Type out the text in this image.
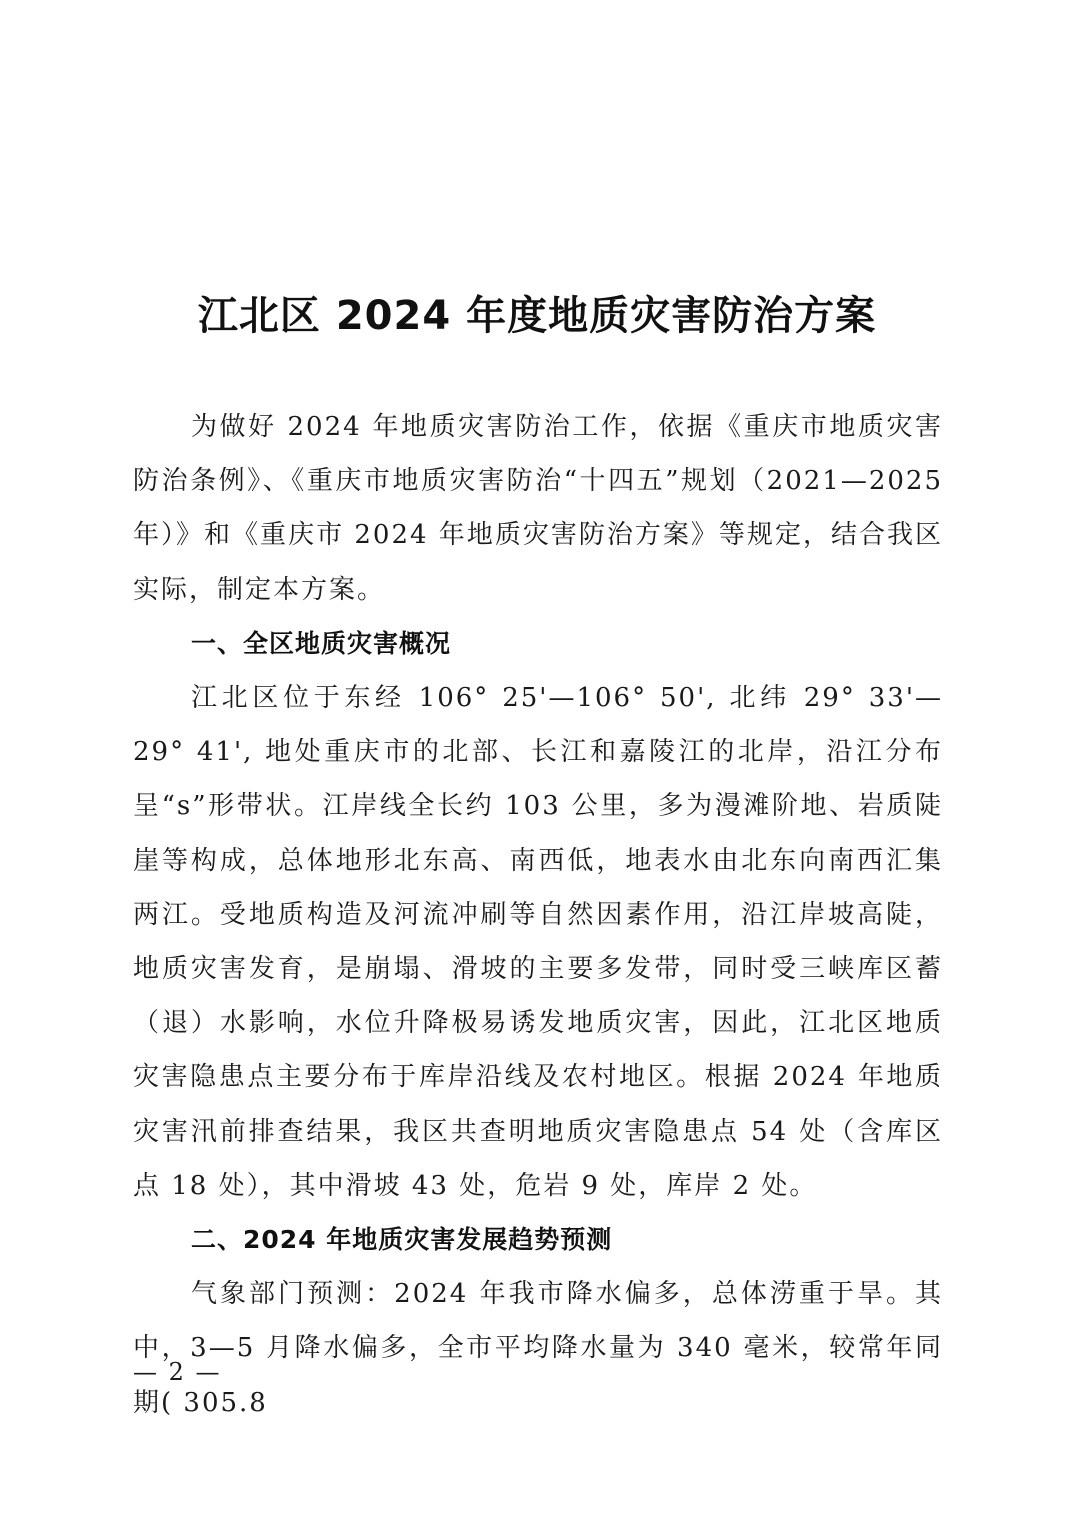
江北区 2024 年度地质灾害防治方案

为做好 2024 年地质灾害防治工作，依据《重庆市地质灾害防治条例》、《重庆市地质灾害防治“十四五”规划（2021—2025 年）》和《重庆市 2024 年地质灾害防治方案》等规定，结合我区实际，制定本方案。

一、全区地质灾害概况

江北区位于东经 106° 25'—106° 50', 北纬 29° 33'—29° 41', 地处重庆市的北部、长江和嘉陵江的北岸，沿江分布呈“s”形带状。江岸线全长约 103 公里，多为漫滩阶地、岩质陡崖等构成，总体地形北东高、南西低，地表水由北东向南西汇集两江。受地质构造及河流冲刷等自然因素作用，沿江岸坡高陡，地质灾害发育，是崩塌、滑坡的主要多发带，同时受三峡库区蓄（退）水影响，水位升降极易诱发地质灾害，因此，江北区地质灾害隐患点主要分布于库岸沿线及农村地区。根据 2024 年地质灾害汛前排查结果，我区共查明地质灾害隐患点 54 处（含库区点 18 处），其中滑坡 43 处，危岩 9 处，库岸 2 处。

二、2024 年地质灾害发展趋势预测

气象部门预测：2024 年我市降水偏多，总体涝重于旱。其中，3—5 月降水偏多，全市平均降水量为 340 毫米，较常年同期( 305.8

— 2 —
